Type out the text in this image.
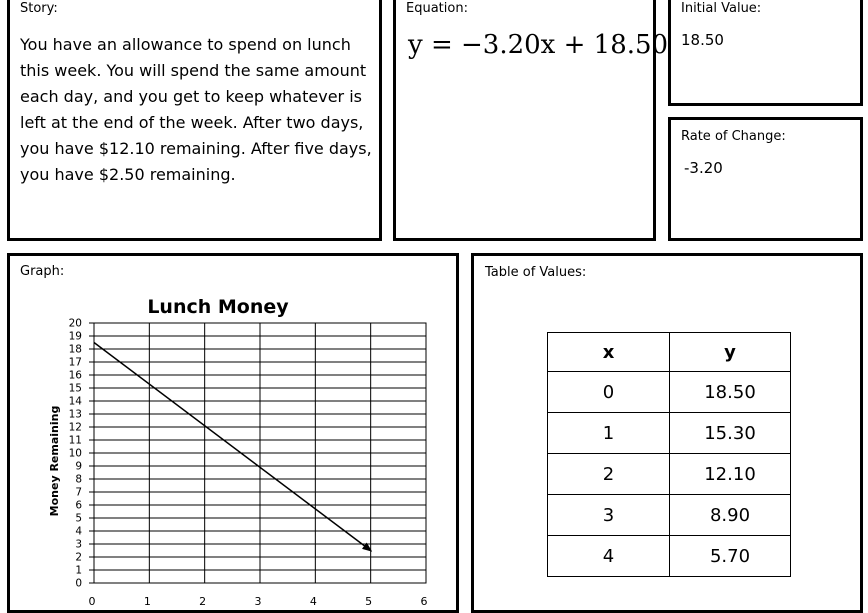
Story:
You have an allowance to spend on lunch this week. You will spend the same amount each day, and you get to keep whatever is left at the end of the week. After two days, you have $12.10 remaining. After five days, you have $2.50 remaining.
Equation:
y = −3.20x + 18.50
Initial Value:
18.50
Rate of Change:
-3.20
Graph:
Lunch Money
0
1
2
3
4
5
6
7
8
9
10
11
12
13
14
15
16
17
18
19
20
0	1	2	3	4	5	6
Money Remaining
Table of Values:
x	y
0	18.50
1	15.30
2	12.10
3	8.90
4	5.70
